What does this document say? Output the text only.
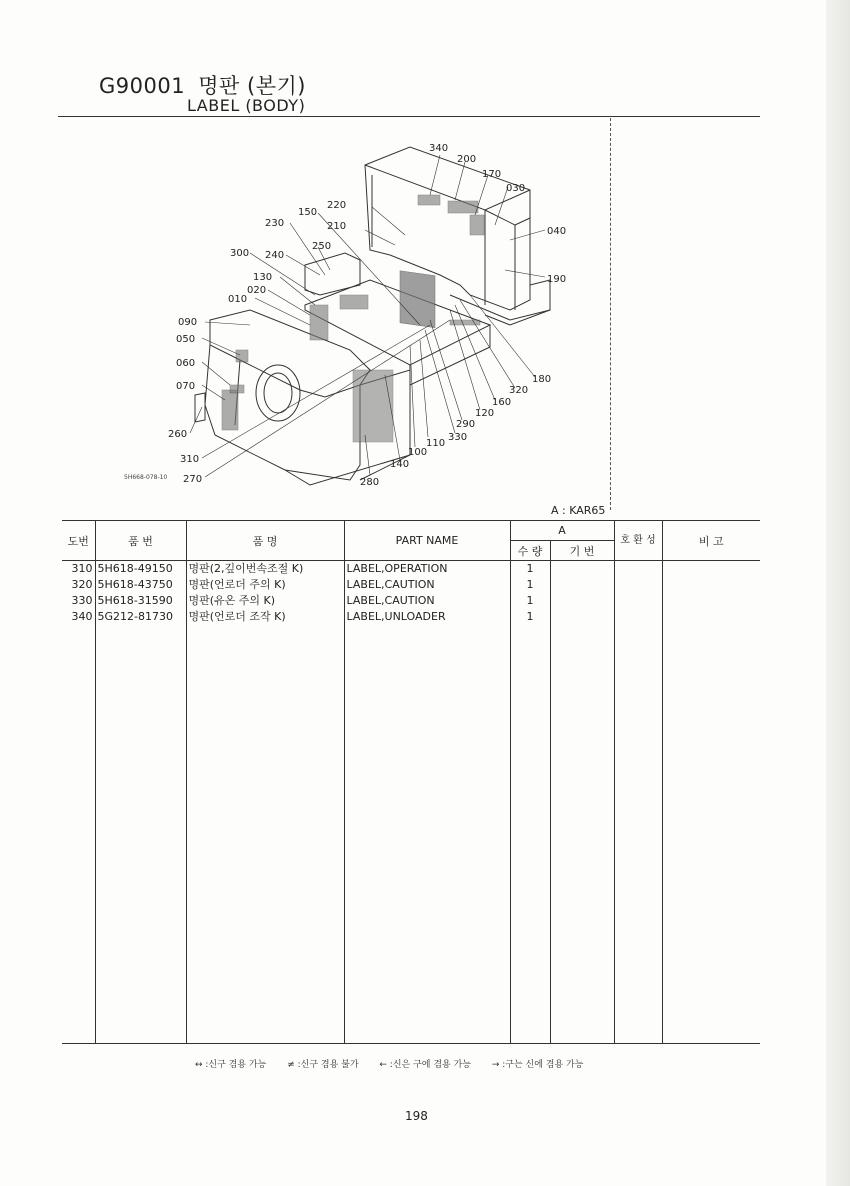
G90001 명판 (본기)
LABEL (BODY)
340
200
170
030
040
190
220
210
150
230
250
240
300
130
020
010
090
050
060
070
260
310
270	280
140
100
110
330
290
120
160
320
180
5H668-078-10
A : KAR65
도번	품 번	품 명	PART NAME	A		호 환 성	비 고
				수 량	기 번		
310	5H618-49150	명판(2,깊이번속조절 K)	LABEL,OPERATION	1			
320	5H618-43750	명판(언로더 주의 K)	LABEL,CAUTION	1			
330	5H618-31590	명판(유온 주의 K)	LABEL,CAUTION	1			
340	5G212-81730	명판(언로더 조작 K)	LABEL,UNLOADER	1			

↔ :신구 겸용 가능 ≠ :신구 겸용 불가 ← :신은 구에 겸용 가능 → :구는 신에 겸용 가능
198
